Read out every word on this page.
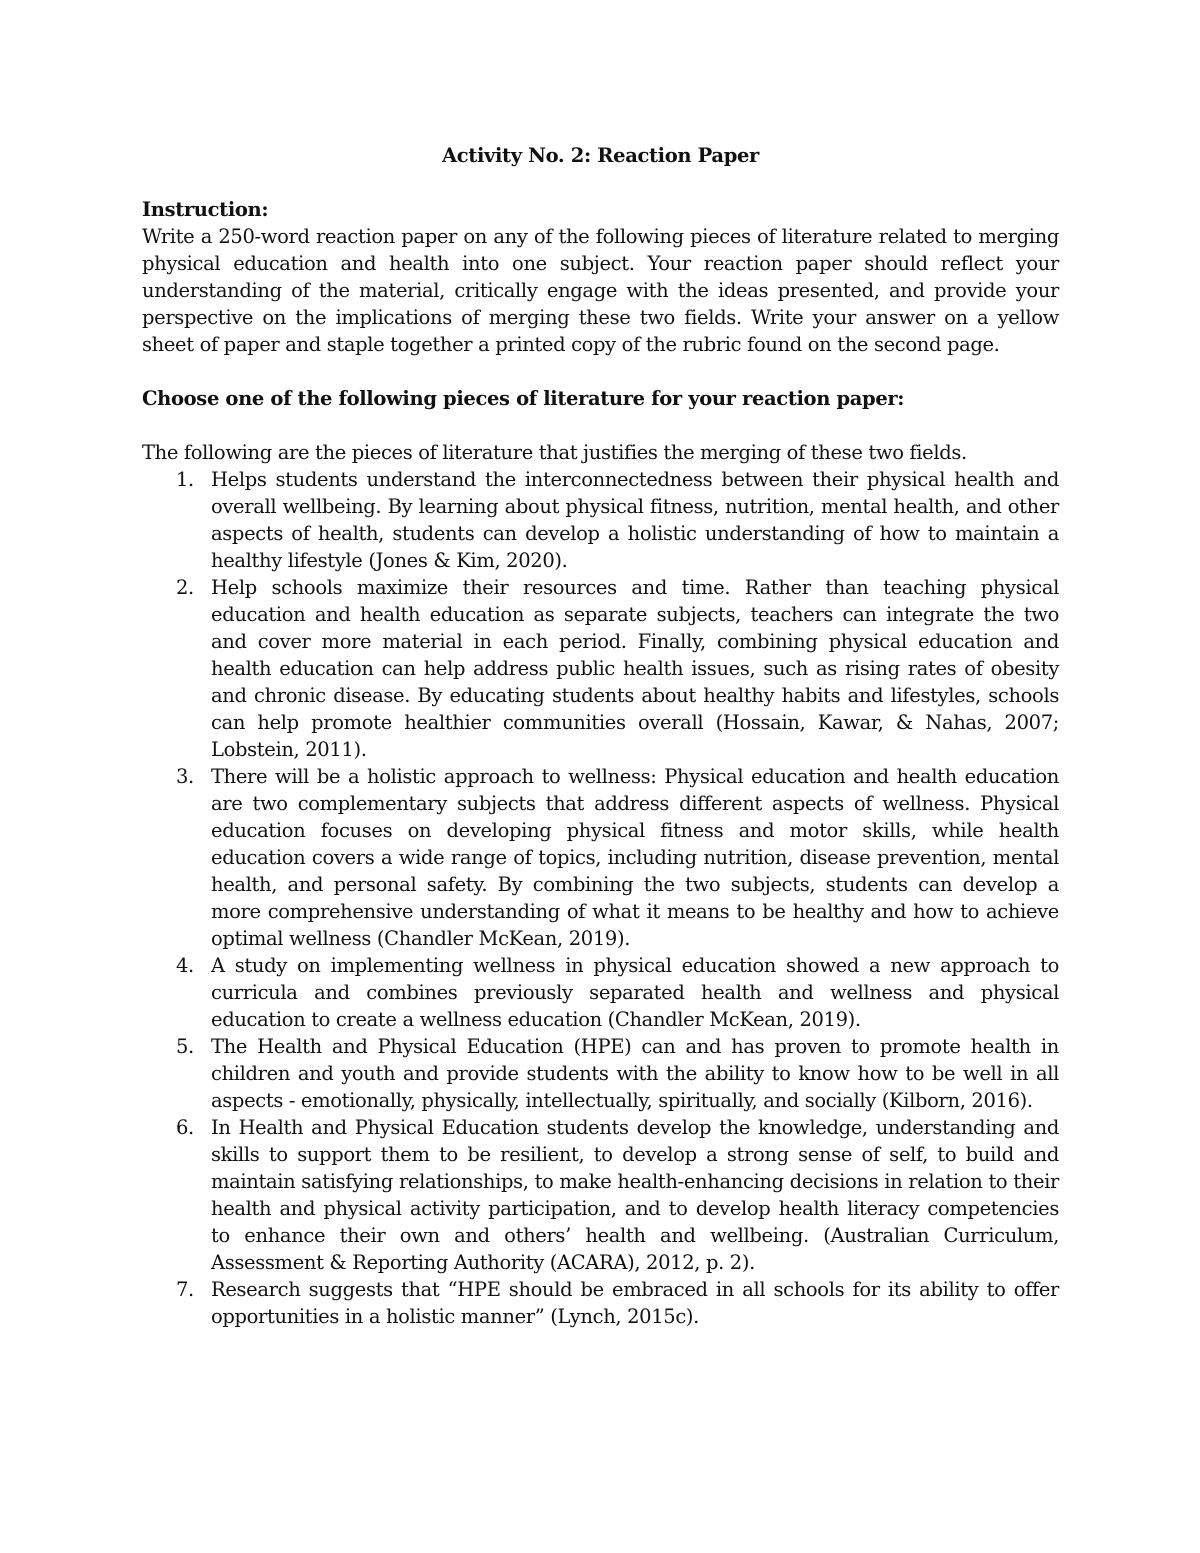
Activity No. 2: Reaction Paper

Instruction:

Write a 250-word reaction paper on any of the following pieces of literature related to merging physical education and health into one subject. Your reaction paper should reflect your understanding of the material, critically engage with the ideas presented, and provide your perspective on the implications of merging these two fields. Write your answer on a yellow sheet of paper and staple together a printed copy of the rubric found on the second page.

Choose one of the following pieces of literature for your reaction paper:

The following are the pieces of literature that justifies the merging of these two fields.

1. Helps students understand the interconnectedness between their physical health and overall wellbeing. By learning about physical fitness, nutrition, mental health, and other aspects of health, students can develop a holistic understanding of how to maintain a healthy lifestyle (Jones & Kim, 2020).
2. Help schools maximize their resources and time. Rather than teaching physical education and health education as separate subjects, teachers can integrate the two and cover more material in each period. Finally, combining physical education and health education can help address public health issues, such as rising rates of obesity and chronic disease. By educating students about healthy habits and lifestyles, schools can help promote healthier communities overall (Hossain, Kawar, & Nahas, 2007; Lobstein, 2011).
3. There will be a holistic approach to wellness: Physical education and health education are two complementary subjects that address different aspects of wellness. Physical education focuses on developing physical fitness and motor skills, while health education covers a wide range of topics, including nutrition, disease prevention, mental health, and personal safety. By combining the two subjects, students can develop a more comprehensive understanding of what it means to be healthy and how to achieve optimal wellness (Chandler McKean, 2019).
4. A study on implementing wellness in physical education showed a new approach to curricula and combines previously separated health and wellness and physical education to create a wellness education (Chandler McKean, 2019).
5. The Health and Physical Education (HPE) can and has proven to promote health in children and youth and provide students with the ability to know how to be well in all aspects - emotionally, physically, intellectually, spiritually, and socially (Kilborn, 2016).
6. In Health and Physical Education students develop the knowledge, understanding and skills to support them to be resilient, to develop a strong sense of self, to build and maintain satisfying relationships, to make health-enhancing decisions in relation to their health and physical activity participation, and to develop health literacy competencies to enhance their own and others’ health and wellbeing. (Australian Curriculum, Assessment & Reporting Authority (ACARA), 2012, p. 2).
7. Research suggests that “HPE should be embraced in all schools for its ability to offer opportunities in a holistic manner” (Lynch, 2015c).
